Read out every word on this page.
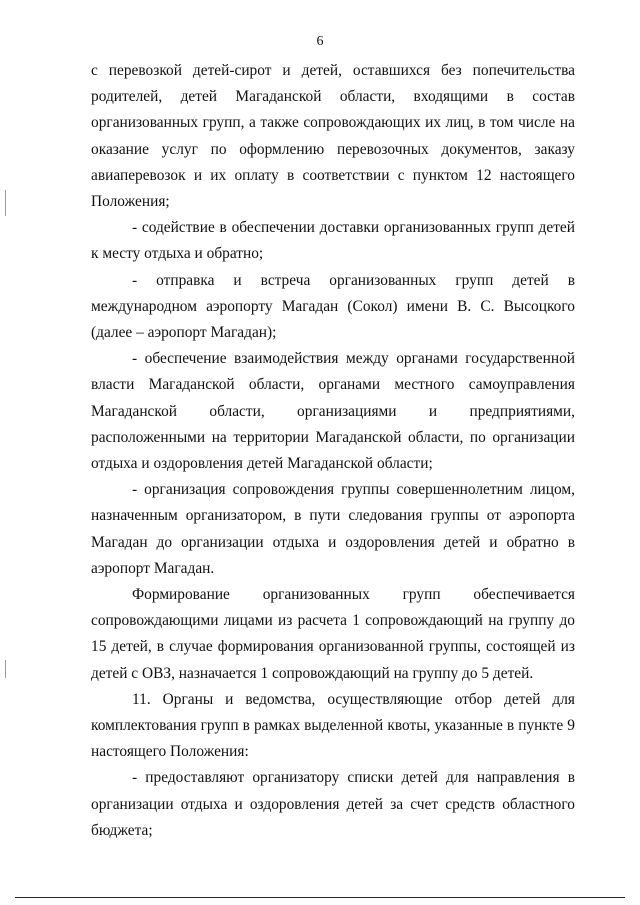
6

с перевозкой детей-сирот и детей, оставшихся без попечительства родителей, детей Магаданской области, входящими в состав организованных групп, а также сопровождающих их лиц, в том числе на оказание услуг по оформлению перевозочных документов, заказу авиаперевозок и их оплату в соответствии с пунктом 12 настоящего Положения;

- содействие в обеспечении доставки организованных групп детей к месту отдыха и обратно;

- отправка и встреча организованных групп детей в международном аэропорту Магадан (Сокол) имени В. С. Высоцкого (далее – аэропорт Магадан);

- обеспечение взаимодействия между органами государственной власти Магаданской области, органами местного самоуправления Магаданской области, организациями и предприятиями, расположенными на территории Магаданской области, по организации отдыха и оздоровления детей Магаданской области;

- организация сопровождения группы совершеннолетним лицом, назначенным организатором, в пути следования группы от аэропорта Магадан до организации отдыха и оздоровления детей и обратно в аэропорт Магадан.

Формирование организованных групп обеспечивается сопровождающими лицами из расчета 1 сопровождающий на группу до 15 детей, в случае формирования организованной группы, состоящей из детей с ОВЗ, назначается 1 сопровождающий на группу до 5 детей.

11. Органы и ведомства, осуществляющие отбор детей для комплектования групп в рамках выделенной квоты, указанные в пункте 9 настоящего Положения:

- предоставляют организатору списки детей для направления в организации отдыха и оздоровления детей за счет средств областного бюджета;
